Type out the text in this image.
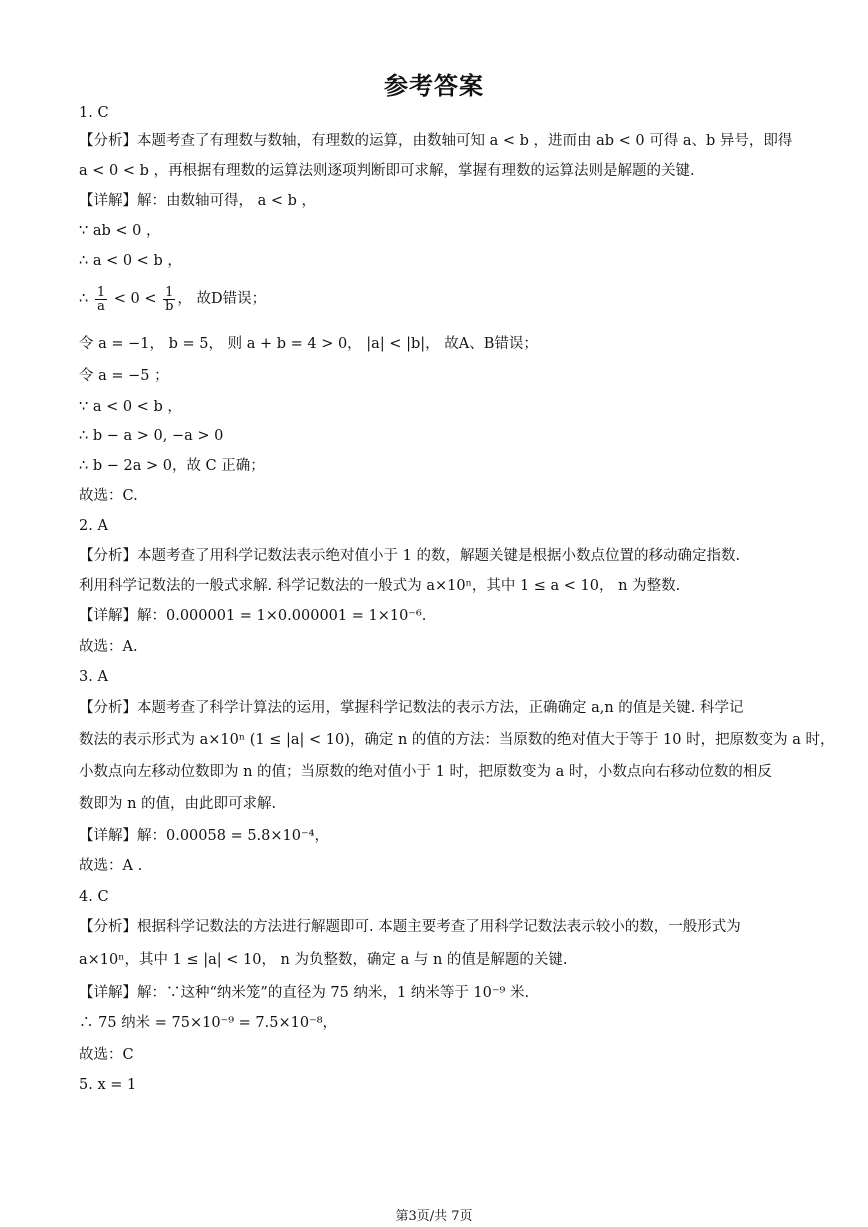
参考答案
1. C
【分析】本题考查了有理数与数轴，有理数的运算，由数轴可知 a < b ，进而由 ab < 0 可得 a、b 异号，即得
a < 0 < b ，再根据有理数的运算法则逐项判断即可求解，掌握有理数的运算法则是解题的关键.
【详解】解：由数轴可得， a < b ，
∵ ab < 0 ，
∴ a < 0 < b ，
∴ $\frac{1}{a} < 0 < \frac{1}{b}$ ， 故D错误；
令 a = −1， b = 5， 则 a + b = 4 > 0， |a| < |b|， 故A、B错误；
令 a = −5 ；
∵ a < 0 < b ，
∴ b − a > 0, −a > 0
∴ b − 2a > 0，故 C 正确；
故选：C.
2. A
【分析】本题考查了用科学记数法表示绝对值小于 1 的数，解题关键是根据小数点位置的移动确定指数.
利用科学记数法的一般式求解. 科学记数法的一般式为 a×10ⁿ，其中 1 ≤ a < 10， n 为整数.
【详解】解：0.000001 = 1×0.000001 = 1×10⁻⁶.
故选：A.
3. A
【分析】本题考查了科学计算法的运用，掌握科学记数法的表示方法，正确确定 a,n 的值是关键. 科学记
数法的表示形式为 a×10ⁿ (1 ≤ |a| < 10)，确定 n 的值的方法：当原数的绝对值大于等于 10 时，把原数变为 a 时，
小数点向左移动位数即为 n 的值；当原数的绝对值小于 1 时，把原数变为 a 时，小数点向右移动位数的相反
数即为 n 的值，由此即可求解.
【详解】解：0.00058 = 5.8×10⁻⁴，
故选：A .
4. C
【分析】根据科学记数法的方法进行解题即可. 本题主要考查了用科学记数法表示较小的数，一般形式为
a×10ⁿ，其中 1 ≤ |a| < 10， n 为负整数，确定 a 与 n 的值是解题的关键.
【详解】解：∵这种“纳米笼”的直径为 75 纳米，1 纳米等于 10⁻⁹ 米.
∴ 75 纳米 = 75×10⁻⁹ = 7.5×10⁻⁸，
故选：C
5. x = 1
第3页/共 7页
